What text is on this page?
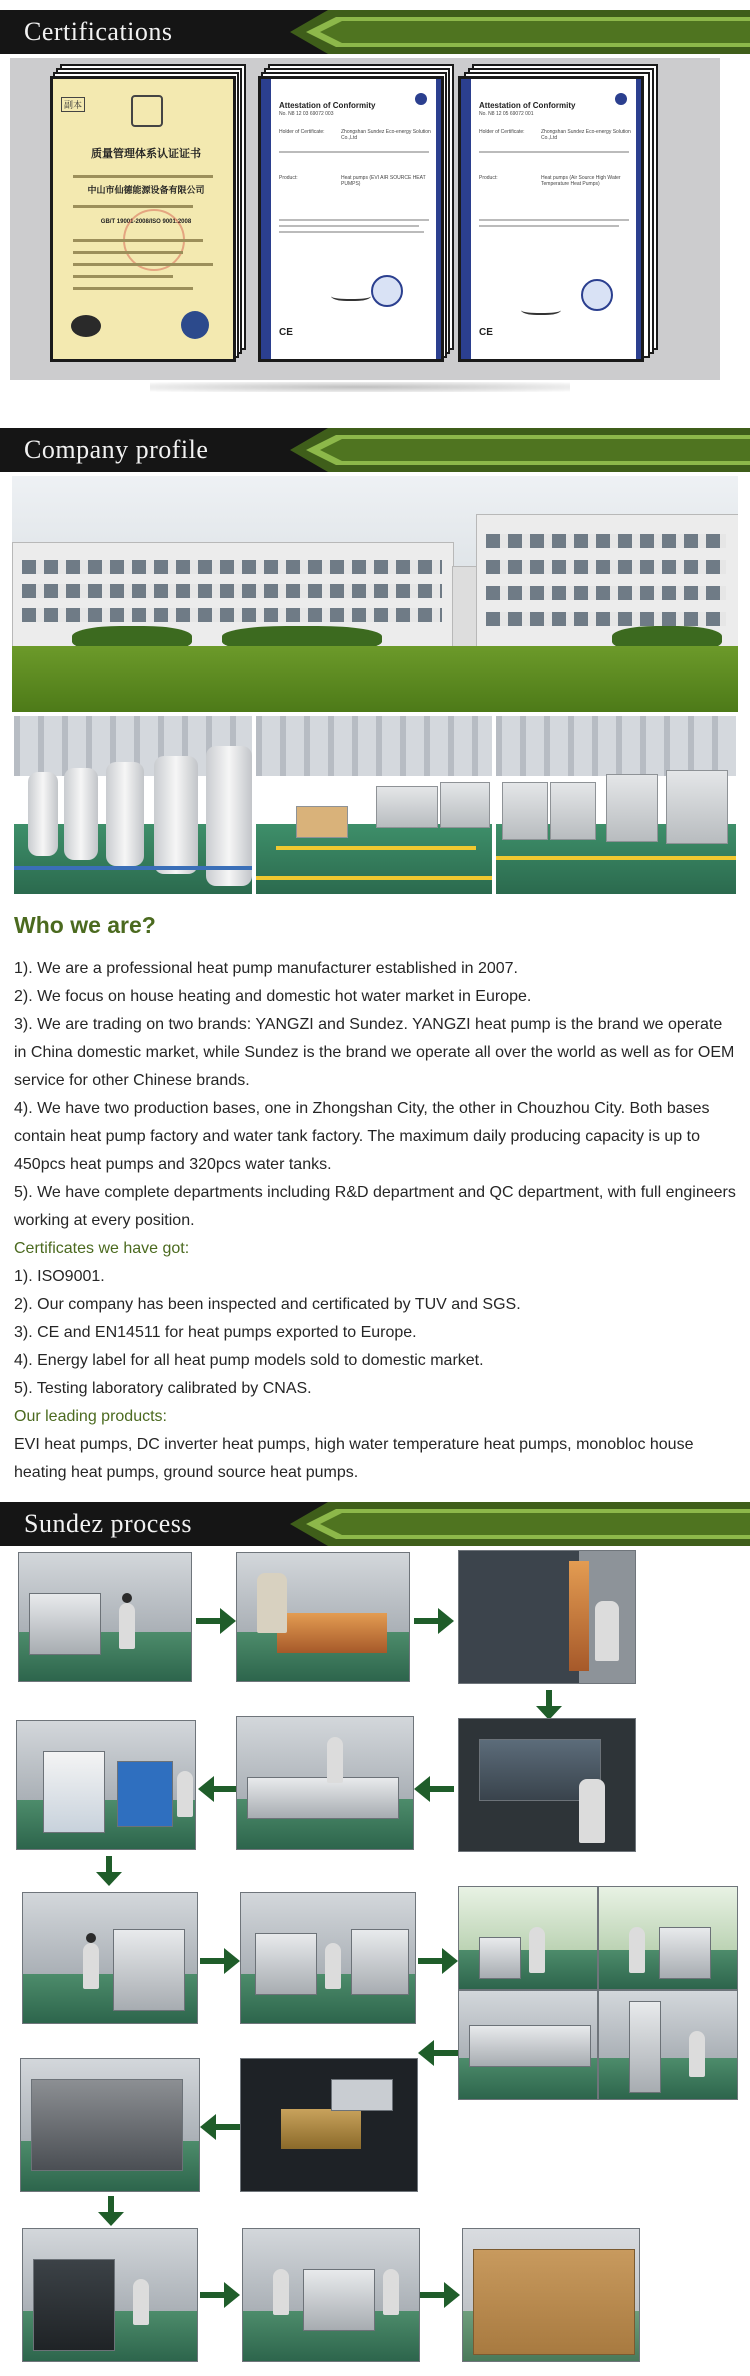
Certifications
副本
质量管理体系认证证书
中山市仙德能源设备有限公司
GB/T 19001-2008/ISO 9001:2008
Attestation of Conformity
No. N8 12 03 69072 003
Holder of Certificate:	Zhongshan Sundez Eco-energy Solution Co.,Ltd
Product:	Heat pumps (EVI AIR SOURCE HEAT PUMPS)
CE
Attestation of Conformity
No. N8 12 05 69072 001
Holder of Certificate:	Zhongshan Sundez Eco-energy Solution Co.,Ltd
Product:	Heat pumps (Air Source High Water Temperature Heat Pumps)
CE
Company profile
Who we are?

1). We are a professional heat pump manufacturer established in 2007.

2). We focus on house heating and domestic hot water market in Europe.

3). We are trading on two brands: YANGZI and Sundez. YANGZI heat pump is the brand we operate in China domestic market, while Sundez is the brand we operate all over the world as well as for OEM service for other Chinese brands.

4). We have two production bases, one in Zhongshan City, the other in Chouzhou City. Both bases contain heat pump factory and water tank factory. The maximum daily producing capacity is up to 450pcs heat pumps and 320pcs water tanks.

5). We have complete departments including R&D department and QC department, with full engineers working at every position.

Certificates we have got:

1). ISO9001.

2). Our company has been inspected and certificated by TUV and SGS.

3). CE and EN14511 for heat pumps exported to Europe.

4). Energy label for all heat pump models sold to domestic market.

5). Testing laboratory calibrated by CNAS.

Our leading products:

EVI heat pumps, DC inverter heat pumps, high water temperature heat pumps, monobloc house heating heat pumps, ground source heat pumps.

Sundez process
